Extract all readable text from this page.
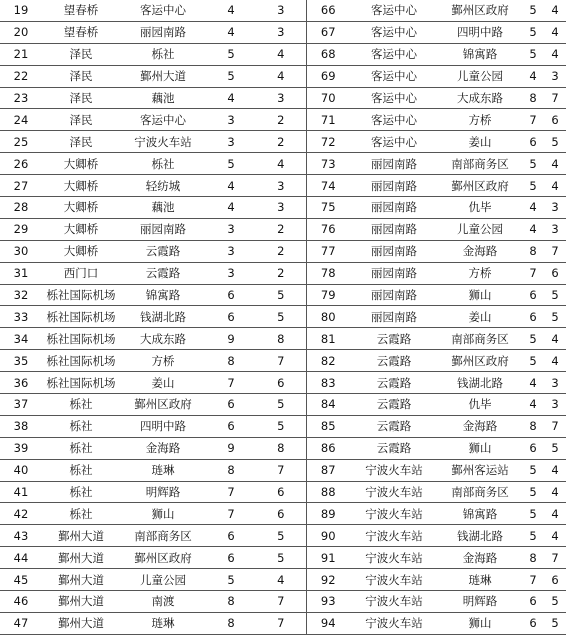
19	望春桥	客运中心	4	3	66	客运中心	鄞州区政府	5	4
20	望春桥	丽园南路	4	3	67	客运中心	四明中路	5	4
21	泽民	栎社	5	4	68	客运中心	锦寓路	5	4
22	泽民	鄞州大道	5	4	69	客运中心	儿童公园	4	3
23	泽民	藕池	4	3	70	客运中心	大成东路	8	7
24	泽民	客运中心	3	2	71	客运中心	方桥	7	6
25	泽民	宁波火车站	3	2	72	客运中心	姜山	6	5
26	大卿桥	栎社	5	4	73	丽园南路	南部商务区	5	4
27	大卿桥	轻纺城	4	3	74	丽园南路	鄞州区政府	5	4
28	大卿桥	藕池	4	3	75	丽园南路	仇毕	4	3
29	大卿桥	丽园南路	3	2	76	丽园南路	儿童公园	4	3
30	大卿桥	云霞路	3	2	77	丽园南路	金海路	8	7
31	西门口	云霞路	3	2	78	丽园南路	方桥	7	6
32	栎社国际机场	锦寓路	6	5	79	丽园南路	狮山	6	5
33	栎社国际机场	钱湖北路	6	5	80	丽园南路	姜山	6	5
34	栎社国际机场	大成东路	9	8	81	云霞路	南部商务区	5	4
35	栎社国际机场	方桥	8	7	82	云霞路	鄞州区政府	5	4
36	栎社国际机场	姜山	7	6	83	云霞路	钱湖北路	4	3
37	栎社	鄞州区政府	6	5	84	云霞路	仇毕	4	3
38	栎社	四明中路	6	5	85	云霞路	金海路	8	7
39	栎社	金海路	9	8	86	云霞路	狮山	6	5
40	栎社	琏琳	8	7	87	宁波火车站	鄞州客运站	5	4
41	栎社	明辉路	7	6	88	宁波火车站	南部商务区	5	4
42	栎社	狮山	7	6	89	宁波火车站	锦寓路	5	4
43	鄞州大道	南部商务区	6	5	90	宁波火车站	钱湖北路	5	4
44	鄞州大道	鄞州区政府	6	5	91	宁波火车站	金海路	8	7
45	鄞州大道	儿童公园	5	4	92	宁波火车站	琏琳	7	6
46	鄞州大道	南渡	8	7	93	宁波火车站	明辉路	6	5
47	鄞州大道	琏琳	8	7	94	宁波火车站	狮山	6	5
